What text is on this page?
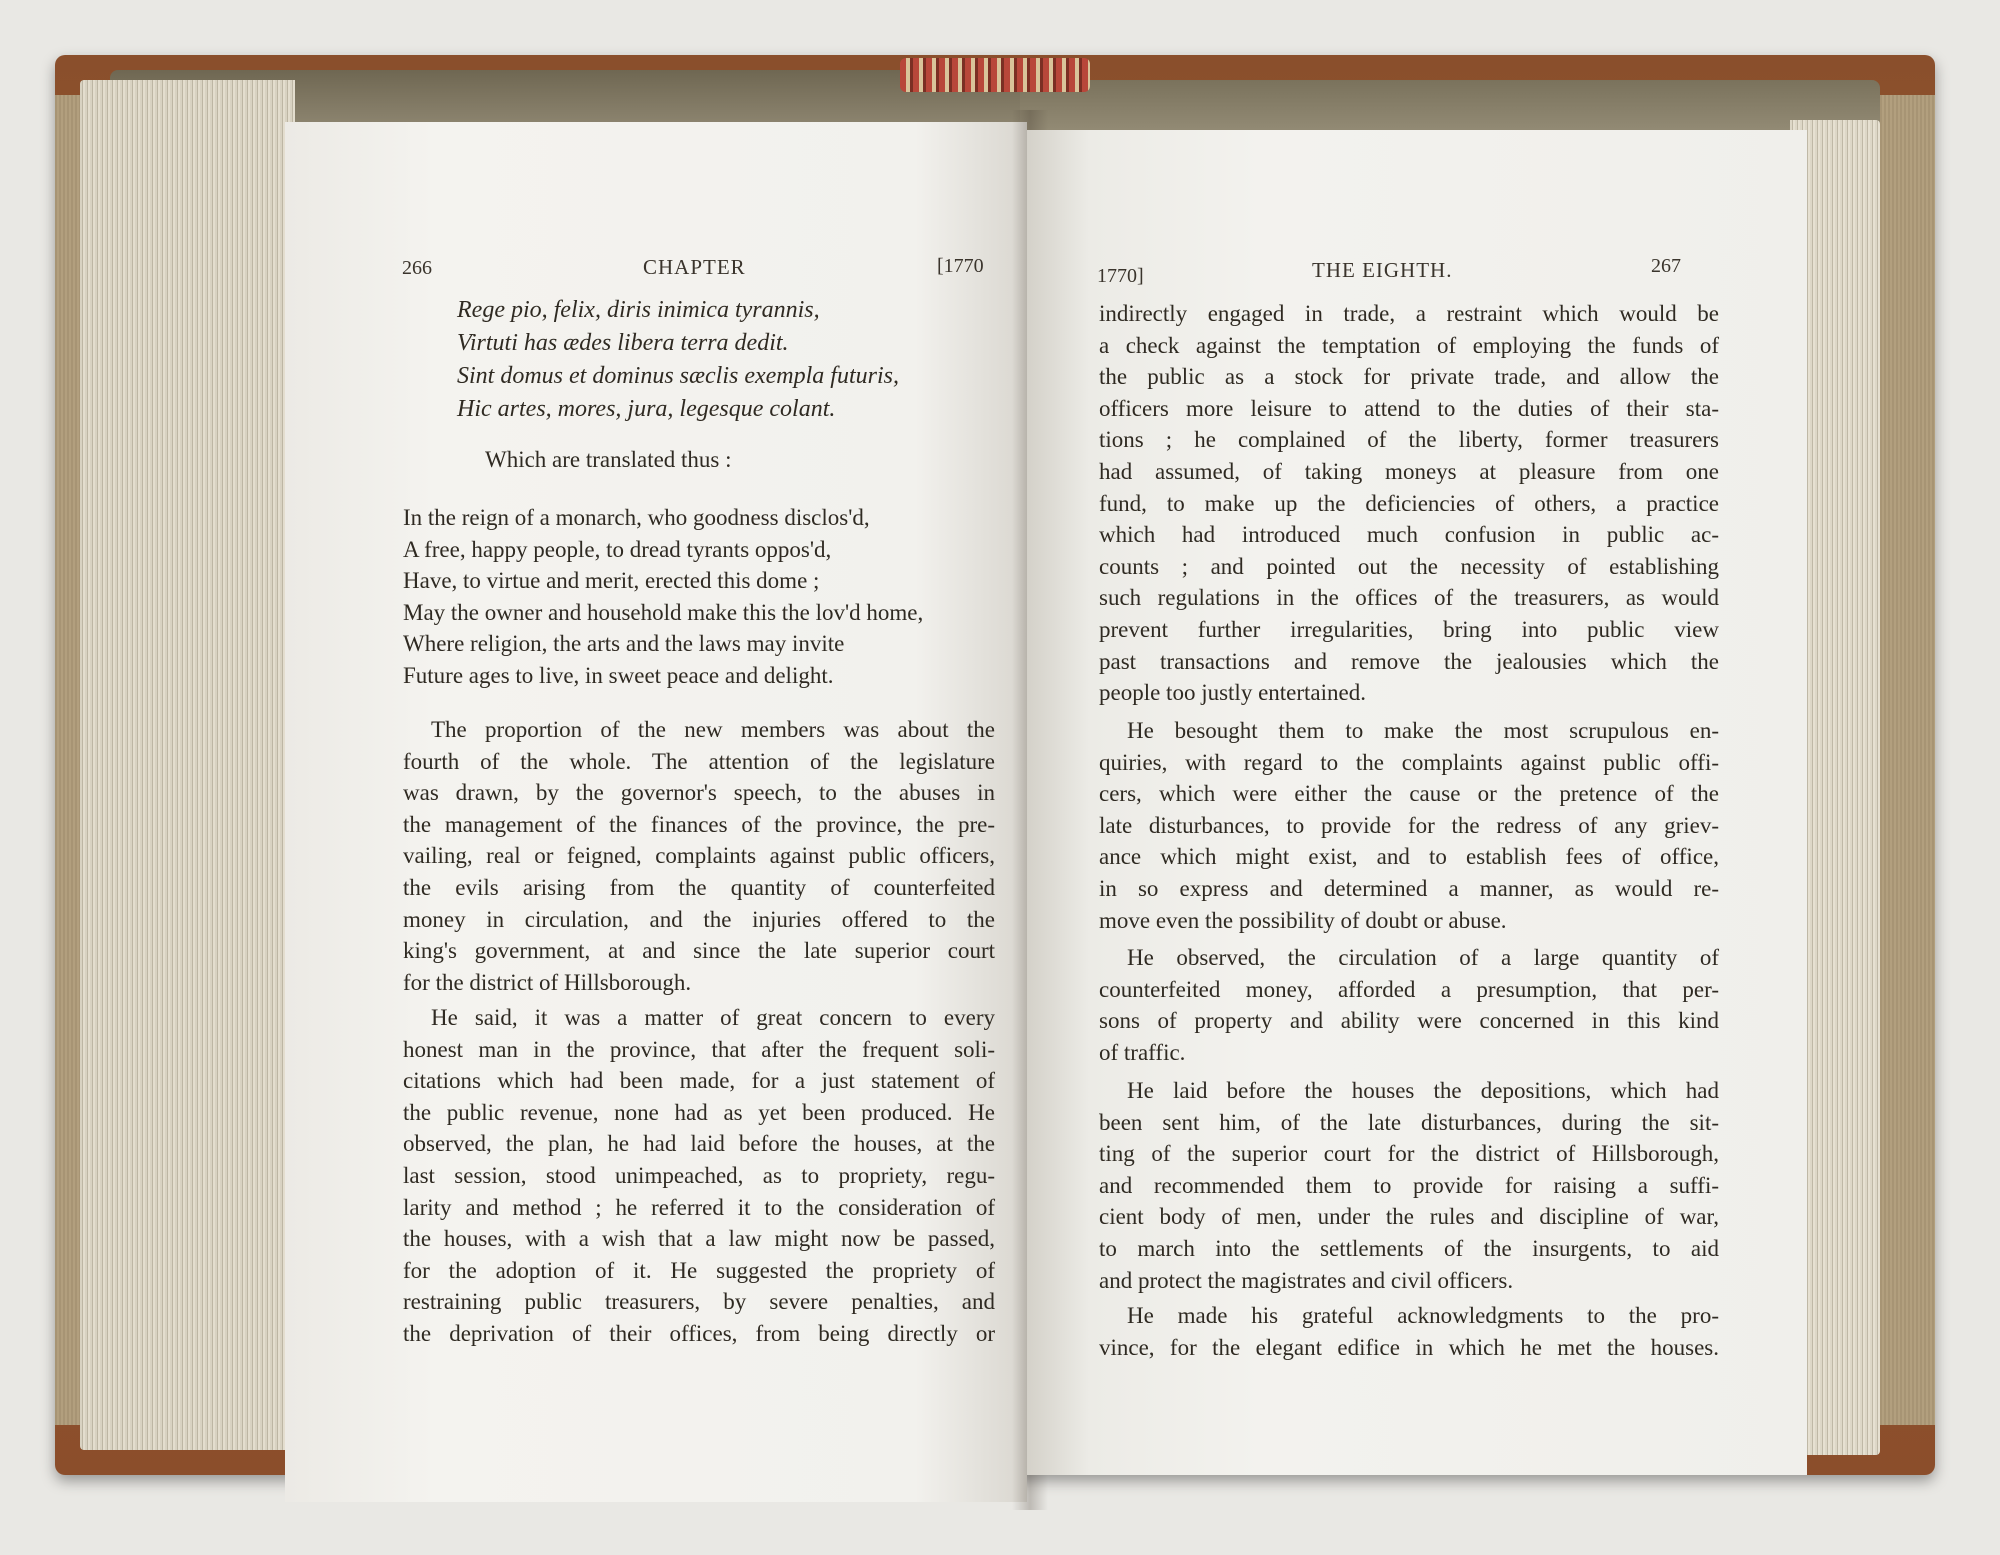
266	CHAPTER	[1770
Rege pio, felix, diris inimica tyrannis,
Virtuti has ædes libera terra dedit.
Sint domus et dominus sæclis exempla futuris,
Hic artes, mores, jura, legesque colant.
Which are translated thus :
In the reign of a monarch, who goodness disclos'd,
A free, happy people, to dread tyrants oppos'd,
Have, to virtue and merit, erected this dome ;
May the owner and household make this the lov'd home,
Where religion, the arts and the laws may invite
Future ages to live, in sweet peace and delight.
The proportion of the new members was about the
fourth of the whole. The attention of the legislature
was drawn, by the governor's speech, to the abuses in
the management of the finances of the province, the pre-
vailing, real or feigned, complaints against public officers,
the evils arising from the quantity of counterfeited
money in circulation, and the injuries offered to the
king's government, at and since the late superior court
for the district of Hillsborough.
He said, it was a matter of great concern to every
honest man in the province, that after the frequent soli-
citations which had been made, for a just statement of
the public revenue, none had as yet been produced. He
observed, the plan, he had laid before the houses, at the
last session, stood unimpeached, as to propriety, regu-
larity and method ; he referred it to the consideration of
the houses, with a wish that a law might now be passed,
for the adoption of it. He suggested the propriety of
restraining public treasurers, by severe penalties, and
the deprivation of their offices, from being directly or
1770]	THE EIGHTH.	267
indirectly engaged in trade, a restraint which would be
a check against the temptation of employing the funds of
the public as a stock for private trade, and allow the
officers more leisure to attend to the duties of their sta-
tions ; he complained of the liberty, former treasurers
had assumed, of taking moneys at pleasure from one
fund, to make up the deficiencies of others, a practice
which had introduced much confusion in public ac-
counts ; and pointed out the necessity of establishing
such regulations in the offices of the treasurers, as would
prevent further irregularities, bring into public view
past transactions and remove the jealousies which the
people too justly entertained.
He besought them to make the most scrupulous en-
quiries, with regard to the complaints against public offi-
cers, which were either the cause or the pretence of the
late disturbances, to provide for the redress of any griev-
ance which might exist, and to establish fees of office,
in so express and determined a manner, as would re-
move even the possibility of doubt or abuse.
He observed, the circulation of a large quantity of
counterfeited money, afforded a presumption, that per-
sons of property and ability were concerned in this kind
of traffic.
He laid before the houses the depositions, which had
been sent him, of the late disturbances, during the sit-
ting of the superior court for the district of Hillsborough,
and recommended them to provide for raising a suffi-
cient body of men, under the rules and discipline of war,
to march into the settlements of the insurgents, to aid
and protect the magistrates and civil officers.
He made his grateful acknowledgments to the pro-
vince, for the elegant edifice in which he met the houses.
